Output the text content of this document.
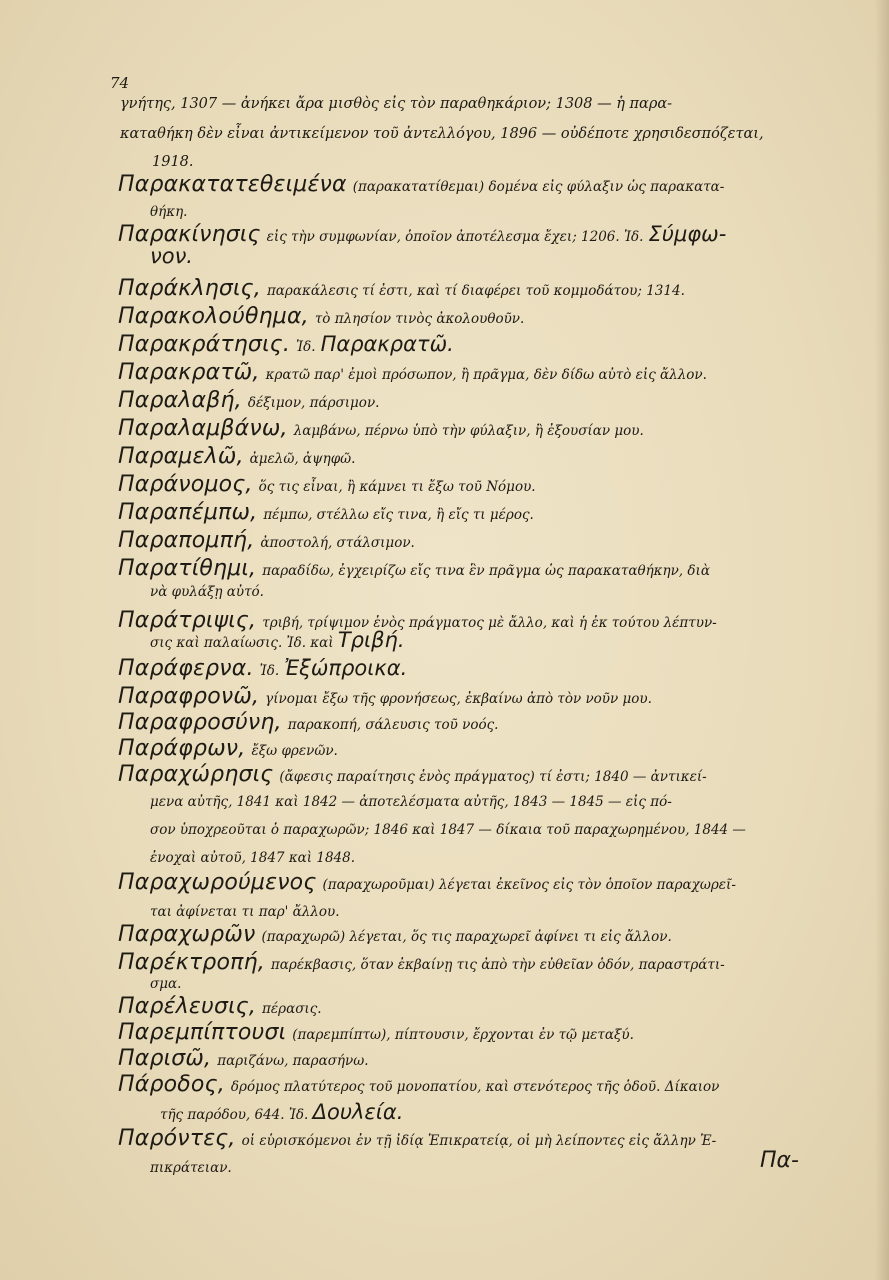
74
γνήτης, 1307 — ἀνήκει ἄρα μισθὸς εἰς τὸν παραθηκάριον; 1308 — ἡ παρα-
καταθήκη δὲν εἶναι ἀντικείμενον τοῦ ἀντελλόγου, 1896 — οὐδέποτε χρησιδεσπόζεται,
1918.
Παρακατατεθειμένα (παρακατατίθεμαι) δομένα εἰς φύλαξιν ὡς παρακατα-
θήκη.
Παρακίνησις εἰς τὴν συμφωνίαν, ὁποῖον ἀποτέλεσμα ἔχει; 1206. Ἰδ. Σύμφω-
νον.
Παράκλησις, παρακάλεσις τί ἐστι, καὶ τί διαφέρει τοῦ κομμοδάτου; 1314.
Παρακολούθημα, τὸ πλησίον τινὸς ἀκολουθοῦν.
Παρακράτησις. Ἰδ. Παρακρατῶ.
Παρακρατῶ, κρατῶ παρ' ἐμοὶ πρόσωπον, ἢ πρᾶγμα, δὲν δίδω αὐτὸ εἰς ἄλλον.
Παραλαβή, δέξιμον, πάρσιμον.
Παραλαμβάνω, λαμβάνω, πέρνω ὑπὸ τὴν φύλαξιν, ἢ ἐξουσίαν μου.
Παραμελῶ, ἀμελῶ, ἀψηφῶ.
Παράνομος, ὅς τις εἶναι, ἢ κάμνει τι ἔξω τοῦ Νόμου.
Παραπέμπω, πέμπω, στέλλω εἴς τινα, ἢ εἴς τι μέρος.
Παραπομπή, ἀποστολή, στάλσιμον.
Παρατίθημι, παραδίδω, ἐγχειρίζω εἴς τινα ἓν πρᾶγμα ὡς παρακαταθήκην, διὰ
νὰ φυλάξῃ αὐτό.
Παράτριψις, τριβή, τρίψιμον ἑνὸς πράγματος μὲ ἄλλο, καὶ ἡ ἐκ τούτου λέπτυν-
σις καὶ παλαίωσις. Ἰδ. καὶ Τριβή.
Παράφερνα. Ἰδ. Ἐξώπροικα.
Παραφρονῶ, γίνομαι ἔξω τῆς φρονήσεως, ἐκβαίνω ἀπὸ τὸν νοῦν μου.
Παραφροσύνη, παρακοπή, σάλευσις τοῦ νοός.
Παράφρων, ἔξω φρενῶν.
Παραχώρησις (ἄφεσις παραίτησις ἑνὸς πράγματος) τί ἐστι; 1840 — ἀντικεί-
μενα αὐτῆς, 1841 καὶ 1842 — ἀποτελέσματα αὐτῆς, 1843 — 1845 — εἰς πό-
σον ὑποχρεοῦται ὁ παραχωρῶν; 1846 καὶ 1847 — δίκαια τοῦ παραχωρημένου, 1844 —
ἐνοχαὶ αὐτοῦ, 1847 καὶ 1848.
Παραχωρούμενος (παραχωροῦμαι) λέγεται ἐκεῖνος εἰς τὸν ὁποῖον παραχωρεῖ-
ται ἀφίνεται τι παρ' ἄλλου.
Παραχωρῶν (παραχωρῶ) λέγεται, ὅς τις παραχωρεῖ ἀφίνει τι εἰς ἄλλον.
Παρέκτροπή, παρέκβασις, ὅταν ἐκβαίνῃ τις ἀπὸ τὴν εὐθεῖαν ὁδόν, παραστράτι-
σμα.
Παρέλευσις, πέρασις.
Παρεμπίπτουσι (παρεμπίπτω), πίπτουσιν, ἔρχονται ἐν τῷ μεταξύ.
Παρισῶ, παριζάνω, παρασήνω.
Πάροδος, δρόμος πλατύτερος τοῦ μονοπατίου, καὶ στενότερος τῆς ὁδοῦ. Δίκαιον
τῆς παρόδου, 644. Ἰδ. Δουλεία.
Παρόντες, οἱ εὑρισκόμενοι ἐν τῇ ἰδίᾳ Ἐπικρατείᾳ, οἱ μὴ λείποντες εἰς ἄλλην Ἐ-
πικράτειαν.	Πα-
